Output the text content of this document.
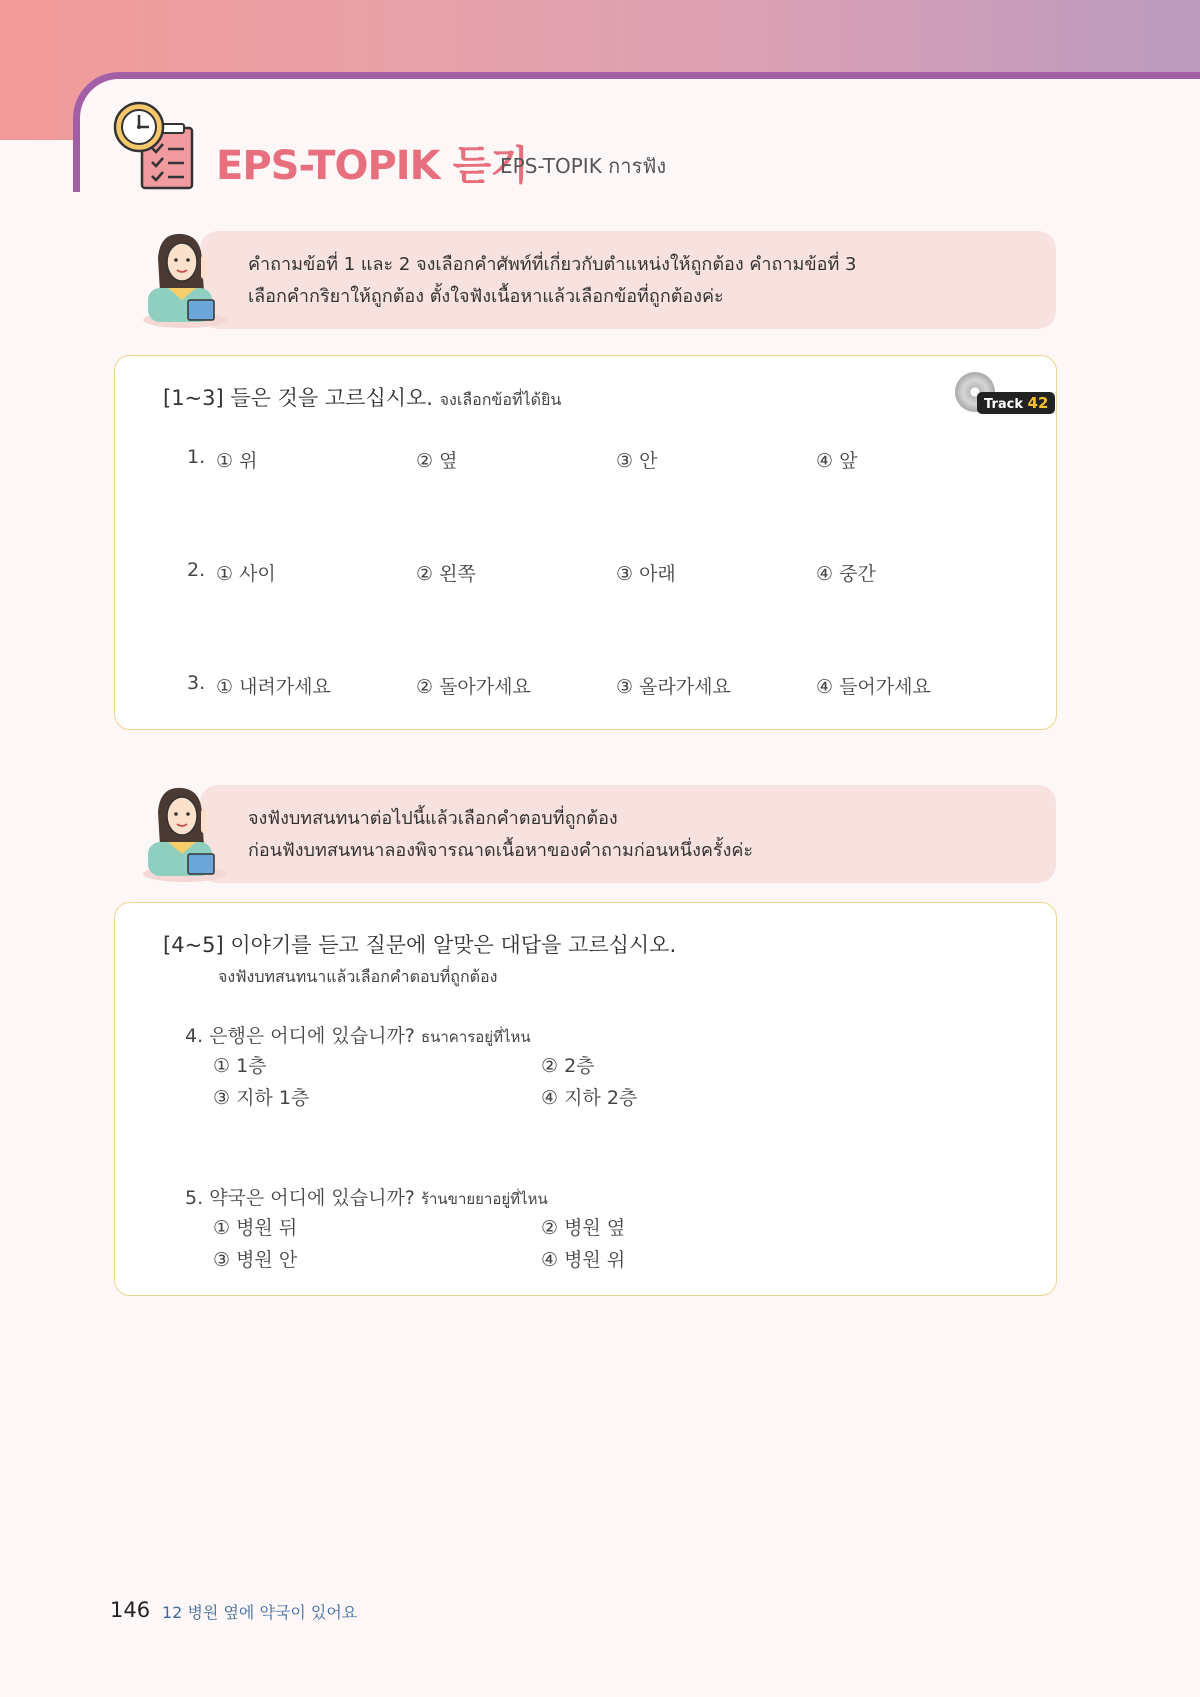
EPS-TOPIK 듣기
EPS-TOPIK การฟัง
คำถามข้อที่ 1 และ 2 จงเลือกคำศัพท์ที่เกี่ยวกับตำแหน่งให้ถูกต้อง คำถามข้อที่ 3
เลือกคำกริยาให้ถูกต้อง ตั้งใจฟังเนื้อหาแล้วเลือกข้อที่ถูกต้องค่ะ
[1~3] 들은 것을 고르십시오. จงเลือกข้อที่ได้ยิน	Track 42
1. ① 위	② 옆	③ 안	④ 앞
2. ① 사이	② 왼쪽	③ 아래	④ 중간
3. ① 내려가세요	② 돌아가세요	③ 올라가세요	④ 들어가세요
จงฟังบทสนทนาต่อไปนี้แล้วเลือกคำตอบที่ถูกต้อง
ก่อนฟังบทสนทนาลองพิจารณาดเนื้อหาของคำถามก่อนหนึ่งครั้งค่ะ
[4~5] 이야기를 듣고 질문에 알맞은 대답을 고르십시오.
จงฟังบทสนทนาแล้วเลือกคำตอบที่ถูกต้อง
4. 은행은 어디에 있습니까? ธนาคารอยู่ที่ไหน
① 1층	② 2층
③ 지하 1층	④ 지하 2층
5. 약국은 어디에 있습니까? ร้านขายยาอยู่ที่ไหน
① 병원 뒤	② 병원 옆
③ 병원 안	④ 병원 위
146 12 병원 옆에 약국이 있어요
